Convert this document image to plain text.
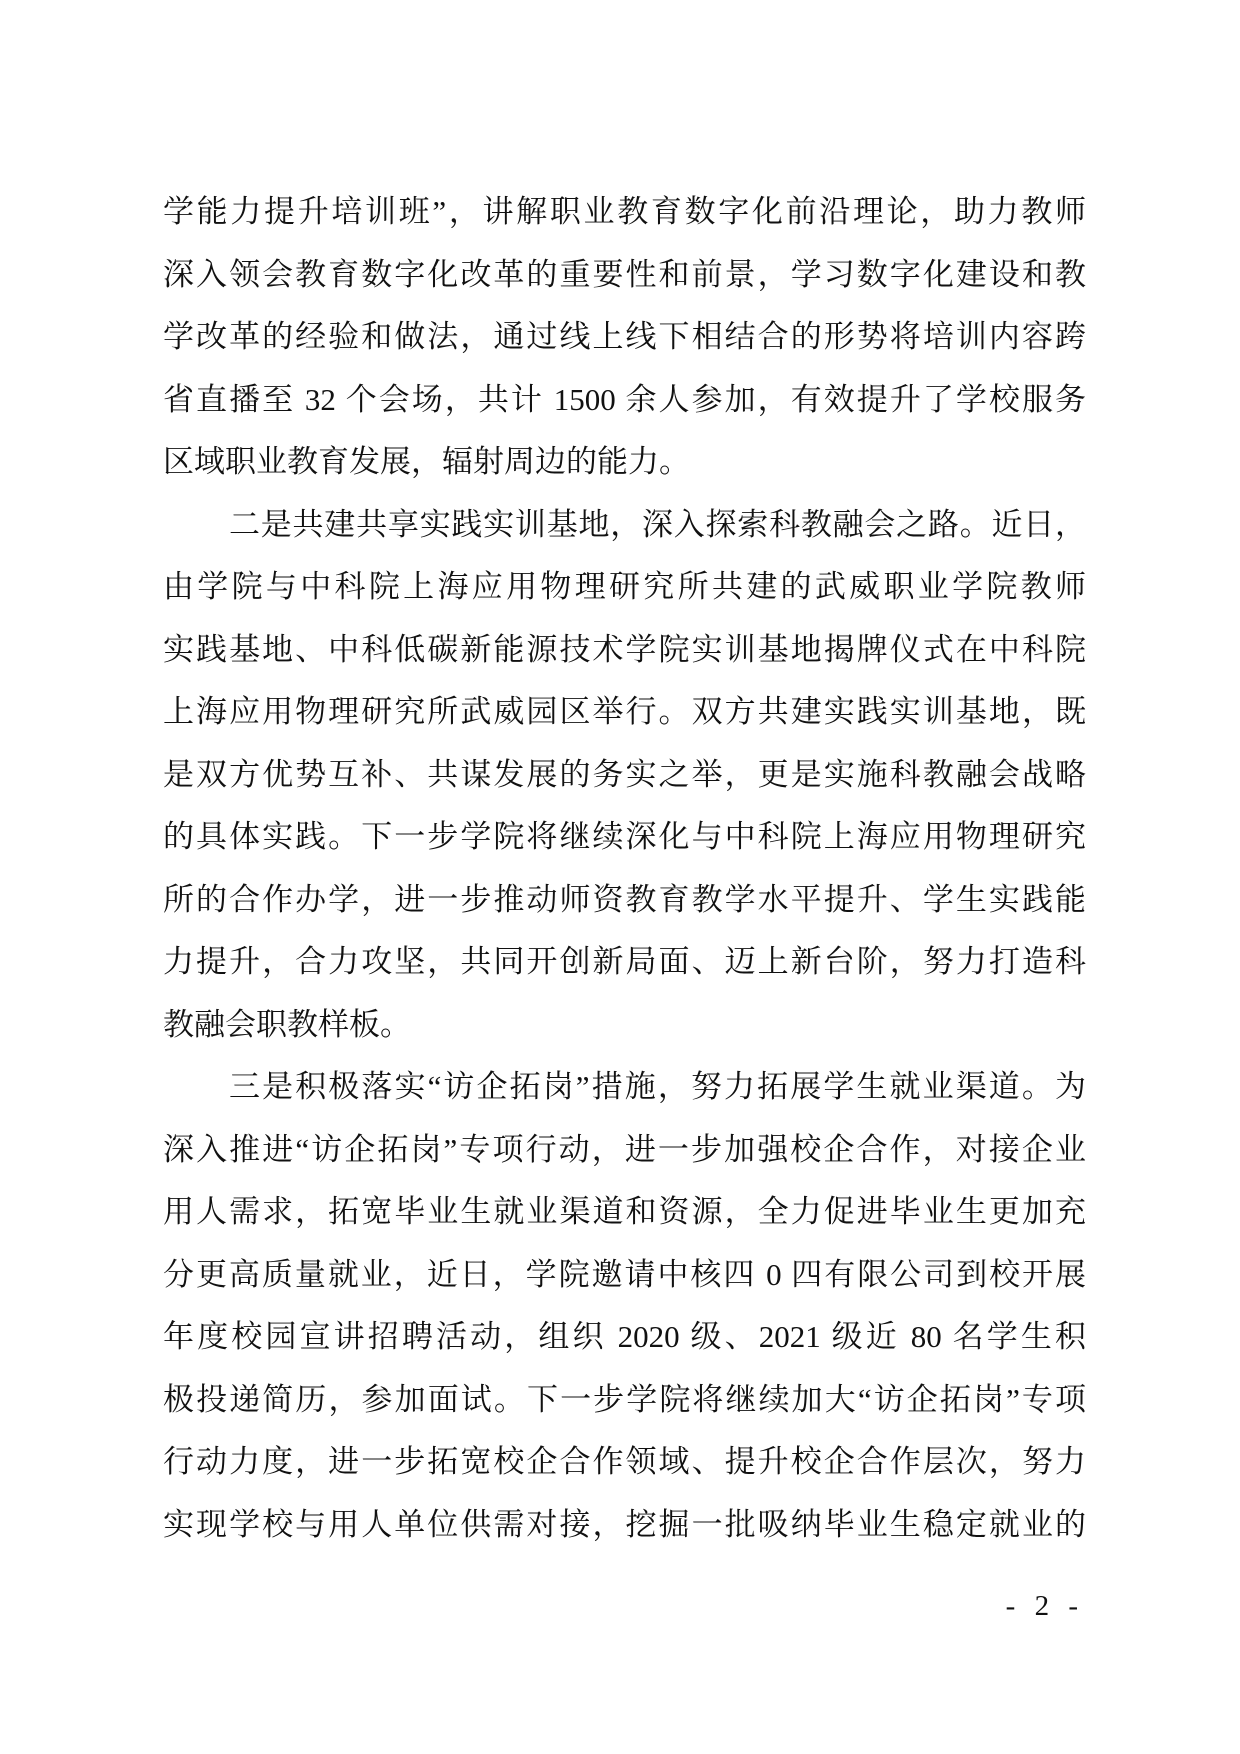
学能力提升培训班”，讲解职业教育数字化前沿理论，助力教师
深入领会教育数字化改革的重要性和前景，学习数字化建设和教
学改革的经验和做法，通过线上线下相结合的形势将培训内容跨
省直播至 32 个会场，共计 1500 余人参加，有效提升了学校服务
区域职业教育发展，辐射周边的能力。
二是共建共享实践实训基地，深入探索科教融会之路。近日，
由学院与中科院上海应用物理研究所共建的武威职业学院教师
实践基地、中科低碳新能源技术学院实训基地揭牌仪式在中科院
上海应用物理研究所武威园区举行。双方共建实践实训基地，既
是双方优势互补、共谋发展的务实之举，更是实施科教融会战略
的具体实践。下一步学院将继续深化与中科院上海应用物理研究
所的合作办学，进一步推动师资教育教学水平提升、学生实践能
力提升，合力攻坚，共同开创新局面、迈上新台阶，努力打造科
教融会职教样板。
三是积极落实“访企拓岗”措施，努力拓展学生就业渠道。为
深入推进“访企拓岗”专项行动，进一步加强校企合作，对接企业
用人需求，拓宽毕业生就业渠道和资源，全力促进毕业生更加充
分更高质量就业，近日，学院邀请中核四 0 四有限公司到校开展
年度校园宣讲招聘活动，组织 2020 级、2021 级近 80 名学生积
极投递简历，参加面试。下一步学院将继续加大“访企拓岗”专项
行动力度，进一步拓宽校企合作领域、提升校企合作层次，努力
实现学校与用人单位供需对接，挖掘一批吸纳毕业生稳定就业的
- 2 -
